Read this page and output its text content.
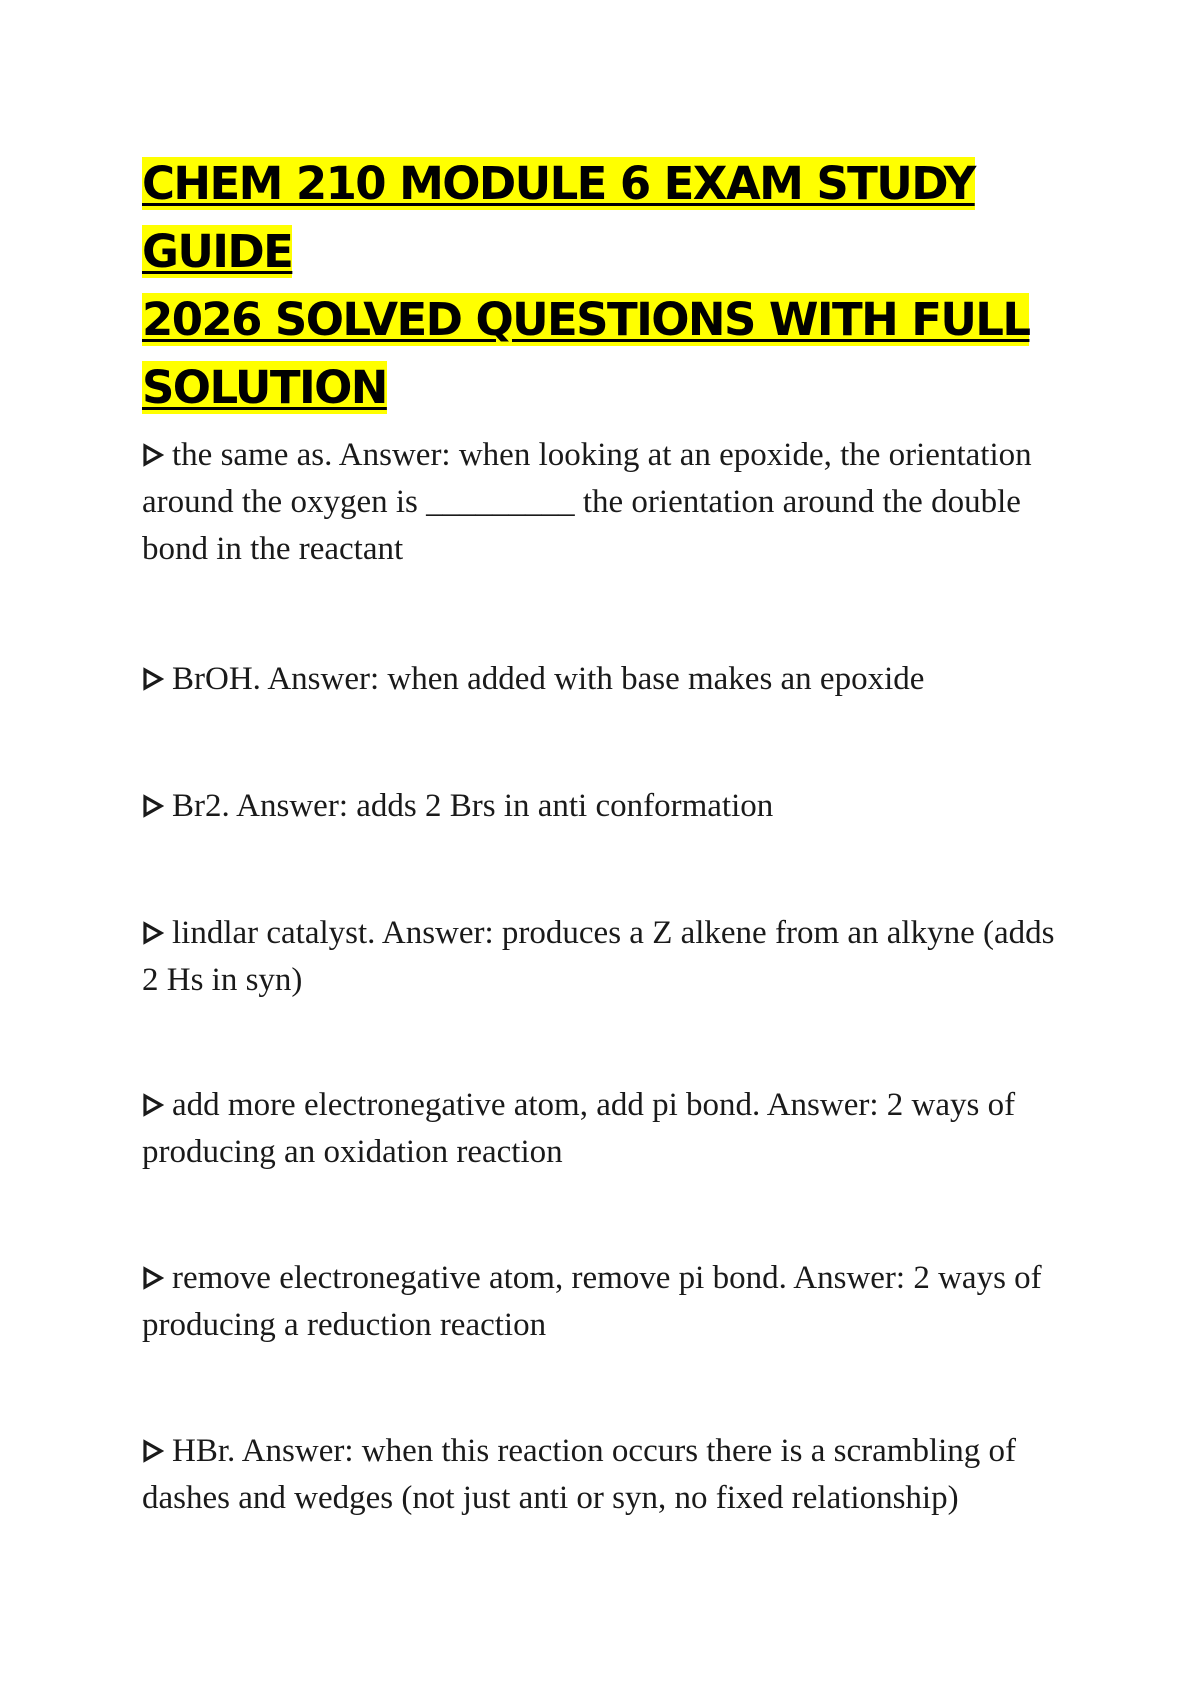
CHEM 210 MODULE 6 EXAM STUDY GUIDE
2026 SOLVED QUESTIONS WITH FULL
SOLUTION
the same as. Answer: when looking at an epoxide, the orientation around the oxygen is _________ the orientation around the double bond in the reactant
BrOH. Answer: when added with base makes an epoxide
Br2. Answer: adds 2 Brs in anti conformation
lindlar catalyst. Answer: produces a Z alkene from an alkyne (adds 2 Hs in syn)
add more electronegative atom, add pi bond. Answer: 2 ways of producing an oxidation reaction
remove electronegative atom, remove pi bond. Answer: 2 ways of producing a reduction reaction
HBr. Answer: when this reaction occurs there is a scrambling of dashes and wedges (not just anti or syn, no fixed relationship)
